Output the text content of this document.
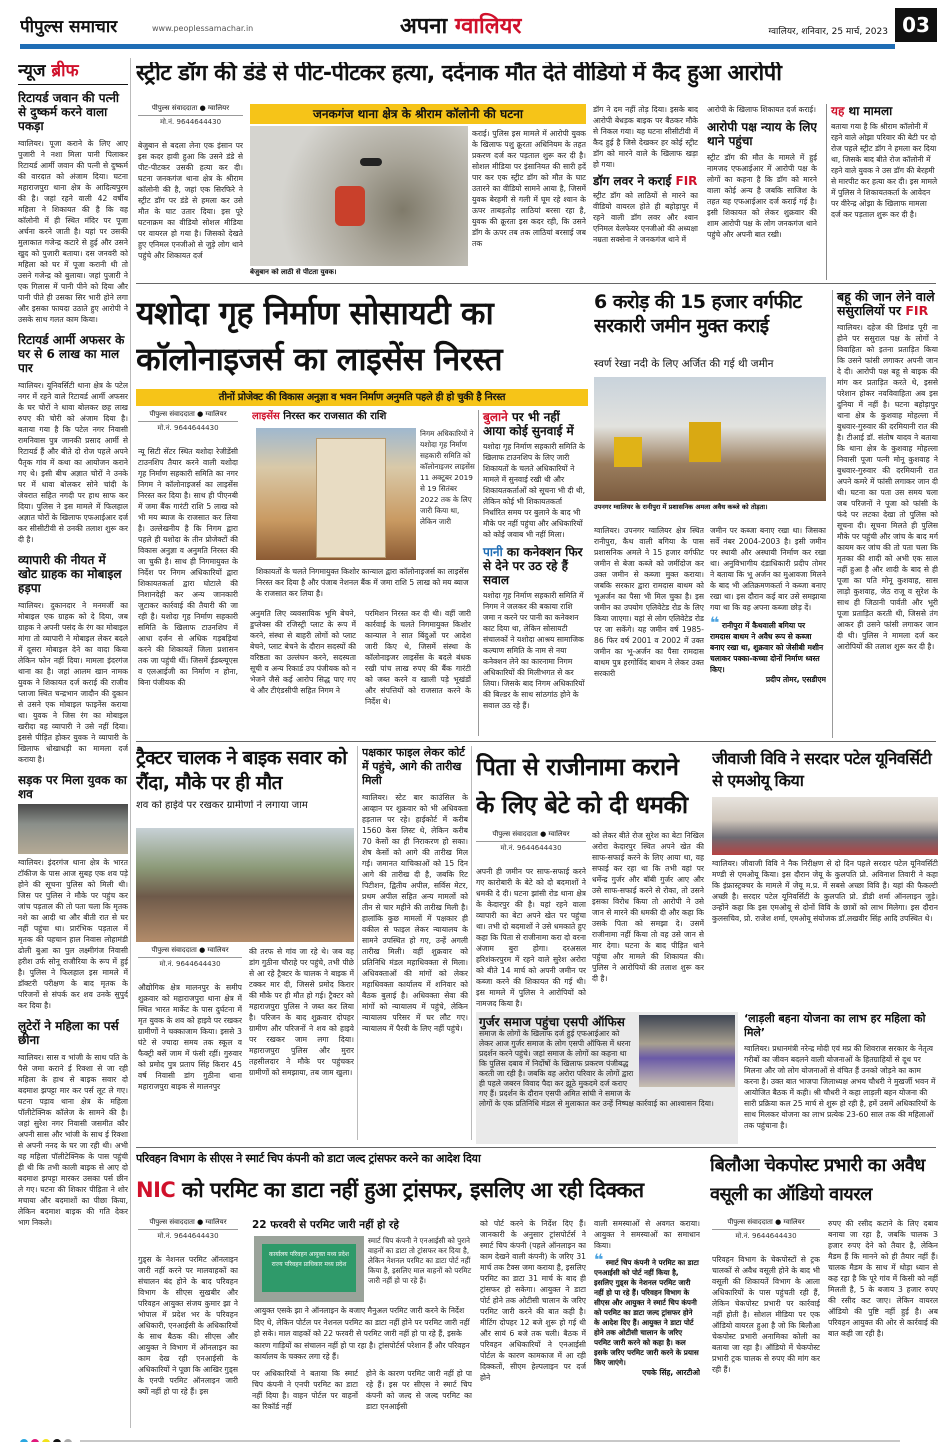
पीपुल्स समाचार	www.peoplessamachar.in	अपना ग्वालियर	ग्वालियर, शनिवार, 25 मार्च, 2023 03
न्यूज ब्रीफ
रिटायर्ड जवान की पत्नी से दुष्कर्म करने वाला पकड़ा
ग्वालियर। पूजा कराने के लिए आए पुजारी ने नशा मिला पानी पिलाकर रिटायर्ड आर्मी जवान की पत्नी से दुष्कर्म की वारदात को अंजाम दिया। घटना महाराजपुरा थाना क्षेत्र के आदित्यपुरम की है। जहां रहने वाली 42 वर्षीय महिला ने शिकायत की है कि वह कॉलोनी में ही स्थित मंदिर पर पूजा अर्चना करने जाती है। यहां पर उसकी मुलाकात गजेन्द्र कटारे से हुई और उसने खुद को पुजारी बताया। दस जनवरी को महिला को घर में पूजा करानी थी तो उसने गजेन्द्र को बुलाया। जहां पुजारी ने एक गिलास में पानी पीने को दिया और पानी पीते ही उसका सिर भारी होने लगा और इसका फायदा उठाते हुए आरोपी ने उसके साथ गलत काम किया।
रिटायर्ड आर्मी अफसर के घर से 6 लाख का माल पार
ग्वालियर। यूनिवर्सिटी थाना क्षेत्र के पटेल नगर में रहने वाले रिटायर्ड आर्मी अफसर के घर चोरों ने धावा बोलकर छह लाख रुपए की चोरी को अंजाम दिया है। बताया गया है कि पटेल नगर निवासी रामनिवास पुत्र जानकी प्रसाद आर्मी से रिटायर्ड हैं और बीते दो रोज पहले अपने पैतृक गांव में कथा का आयोजन कराने गए थे। इसी बीच अज्ञात चोरों ने उनके घर में धावा बोलकर सोने चांदी के जेवरात सहित नगदी पर हाथ साफ कर दिया। पुलिस ने इस मामले में फिलहाल अज्ञात चोरों के खिलाफ एफआईआर दर्ज कर सीसीटीवी से उनकी तलाश शुरू कर दी है।
व्यापारी की नीयत में खोट ग्राहक का मोबाइल हड़पा
ग्वालियर। दुकानदार ने मनमर्जी का मोबाइल एक ग्राहक को दे दिया, जब ग्राहक ने अपनी पसंद के रंग का मोबाइल मांगा तो व्यापारी ने मोबाइल लेकर बदले में दूसरा मोबाइल देने का वादा किया लेकिन फोन नहीं दिया। मामला इंदरगंज थाना का है। जहां आलम खान नामक युवक ने शिकायत दर्ज कराई की राजीव प्लाजा स्थित चन्द्रभान जादौन की दुकान से उसने एक मोबाइल फाइनेंस कराया था। युवक ने जिस रंग का मोबाइल खरीदा वह व्यापारी ने उसे नहीं दिया। इससे पीड़ित होकर युवक ने व्यापारी के खिलाफ धोखाधड़ी का मामला दर्ज कराया है।
सड़क पर मिला युवक का शव
ग्वालियर। इंदरगंज थाना क्षेत्र के भारत टॉकीज के पास आज सुबह एक शव पड़े होने की सूचना पुलिस को मिली थी। जिस पर पुलिस ने मौके पर पहुंच कर जांच पड़ताल की तो पता चला कि मृतक नशे का आदी था और बीती रात से घर नहीं पहुंचा था। प्रारंभिक पड़ताल में मृतक की पहचान हाल निवास लोहामंडी ढोली बुआ का पुल लक्ष्मीगंज निवासी हरीश उर्फ सोनू राजौरिया के रूप में हुई है। पुलिस ने फिलहाल इस मामले में डॉक्टरी परीक्षण के बाद मृतक के परिजनों से संपर्क कर शव उनके सुपुर्द कर दिया है।
लुटेरों ने महिला का पर्स छीना
ग्वालियर। सास व भांजी के साथ पति के पैसे जमा कराने ई रिक्शा से जा रही महिला के हाथ से बाइक सवार दो बदमाश झपट्टा मार कर पर्स लूट ले गए। घटना पड़ाव थाना क्षेत्र के महिला पॉलीटेक्निक कॉलेज के सामने की है। जहां सुरेश नगर निवासी जसमीत कौर अपनी सास और भांजी के साथ ई रिक्शा से अपनी ननद के घर जा रही थी। अभी वह महिला पॉलीटेक्निक के पास पहुंची ही थी कि तभी काली बाइक से आए दो बदमाश झपट्टा मारकर उसका पर्स छीन ले गए। घटना की शिकार पीड़िता ने शोर मचाया और बदमाशों का पीछा किया, लेकिन बदमाश बाइक की गति देकर भाग निकले।
स्ट्रीट डॉग की डंडे से पीट-पीटकर हत्या, दर्दनाक मौत देते वीडियो में कैद हुआ आरोपी
पीपुल्स संवाददाता ● ग्वालियर
मो.नं. 9644644430
बेजुबान से बदला लेना एक इंसान पर इस कदर हावी हुआ कि उसने डंडे से पीट-पीटकर उसकी हत्या कर दी। घटना जनकगंज थाना क्षेत्र के श्रीराम कॉलोनी की है, जहां एक सिरफिरे ने स्ट्रीट डॉग पर डंडे से हमला कर उसे मौत के घाट उतार दिया। इस पूरे घटनाक्रम का वीडियो सोशल मीडिया पर वायरल हो गया है। जिसको देखते हुए एनिमल एनजीओ से जुड़े लोग थाने पहुंचे और शिकायत दर्ज
जनकगंज थाना क्षेत्र के श्रीराम कॉलोनी की घटना
बेजुबान को लाठी से पीटता युवक।
कराई। पुलिस इस मामले में आरोपी युवक के खिलाफ पशु क्रूरता अधिनियम के तहत प्रकरण दर्ज कर पड़ताल शुरू कर दी है। सोशल मीडिया पर इंसानियत की सारी हदें पार कर एक स्ट्रीट डॉग को मौत के घाट उतारने का वीडियो सामने आया है, जिसमें युवक बेरहमी से गली में घूम रहे श्वान के ऊपर ताबड़तोड़ लाठियां बरसा रहा है, युवक की क्रूरता इस कदर रही, कि उसने डॉग के ऊपर तब तक लाठियां बरसाई जब तक
डॉग ने दम नहीं तोड़ दिया। इसके बाद आरोपी बेधड़क बाइक पर बैठकर मौके से निकल गया। यह घटना सीसीटीवी में कैद हुई है जिसे देखकर हर कोई स्ट्रीट डॉग को मारने वाले के खिलाफ खड़ा हो गया।
डॉग लवर ने कराई FIR
स्ट्रीट डॉग को लाठियों से मारने का वीडियो वायरल होते ही बहोड़ापुर में रहने वाली डॉग लवर और श्वान एनिमल वेलफेयर एनजीओ की अध्यक्षा नम्रता सक्सेना ने जनकगंज थाने में
आरोपी के खिलाफ शिकायत दर्ज कराई।
आरोपी पक्ष न्याय के लिए थाने पहुंचा
स्ट्रीट डॉग की मौत के मामले में हुई नामजद एफआईआर में आरोपी पक्ष के लोगों का कहना है कि डॉग को मारने वाला कोई अन्य है जबकि साजिश के तहत यह एफआईआर दर्ज कराई गई है। इसी शिकायत को लेकर शुक्रवार की शाम आरोपी पक्ष के लोग जनकगंज थाने पहुंचे और अपनी बात रखी।
यह था मामला
बताया गया है कि श्रीराम कॉलोनी में रहने वाले ओझा परिवार की बेटी पर दो रोज पहले स्ट्रीट डॉग ने हमला कर दिया था, जिसके बाद बीते रोज कॉलोनी में रहने वाले युवक ने उस डॉग की बेरहमी से मारपीट कर हत्या कर दी। इस मामले में पुलिस ने शिकायतकर्ता के आवेदन पर वीरेन्द्र ओझा के खिलाफ मामला दर्ज कर पड़ताल शुरू कर दी है।
यशोदा गृह निर्माण सोसायटी का
कॉलोनाइजर्स का लाइसेंस निरस्त
तीनों प्रोजेक्ट की विकास अनुज्ञा व भवन निर्माण अनुमति पहले ही हो चुकी है निरस्त
पीपुल्स संवाददाता ● ग्वालियर
मो.नं. 9644644430
न्यू सिटी सेंटर स्थित यशोदा रेजीडेंसी टाउनशिप तैयार करने वाली यशोदा गृह निर्माण सहकारी समिति का नगर निगम ने कॉलोनाइजर्स का लाइसेंस निरस्त कर दिया है। साथ ही पीएनबी में जमा बैंक गारंटी राशि 5 लाख को भी मय ब्याज के राजसात कर लिया है। उल्लेखनीय है कि निगम द्वारा पहले ही यशोदा के तीन प्रोजेक्टों की विकास अनुज्ञा व अनुमति निरस्त की जा चुकी है। साथ ही निगमायुक्त के निर्देश पर निगम अधिकारियों द्वारा शिकायतकर्ता द्वारा घोटाले की निशानदेही कर अन्य जानकारी जुटाकर कार्रवाई की तैयारी की जा रही है। यशोदा गृह निर्माण सहकारी समिति के खिलाफ टाउनशिप में आधा दर्जन से अधिक गड़बड़ियां करने की शिकायतें जिला प्रशासन तक जा पहुंची थीं। जिसमें ईडब्ल्यूएस व एलआईजी का निर्माण न होना, बिना पंजीयक की
लाइसेंस निरस्त कर राजसात की राशि
निगम अधिकारियों ने यशोदा गृह निर्माण सहकारी समिति को कॉलोनाइजर लाइसेंस 11 अक्टूबर 2019 से 19 सितंबर 2022 तक के लिए जारी किया था, लेकिन जारी
शिकायतों के चलते निगमायुक्त किशोर कान्याल द्वारा कॉलोनाइजर्स का लाइसेंस निरस्त कर दिया है और पंजाब नेशनल बैंक में जमा राशि 5 लाख को मय ब्याज के राजसात कर लिया है।
अनुमति लिए व्यवसायिक भूमि बेचने, डुप्लेक्स की रजिस्ट्री प्लाट के रूप में करने, संस्था से बाहरी लोगों को प्लाट बेचने, प्लाट बेचने के दौरान सदस्यों की वरिष्ठता का उल्लंघन करने, सदस्यता सूची व अन्य रिकार्ड उप पंजीयक को न भेजने जैसे कई आरोप सिद्ध पाए गए थे और टीएंडसीपी सहित निगम ने
परमिशन निरस्त कर दी थी। वहीं जारी कार्रवाई के चलते निगमायुक्त किशोर कान्याल ने सात बिंदुओं पर आदेश जारी किए थे, जिसमें संस्था के कॉलोनाइजर लाइसेंस के बदले बंधक रखी पांच लाख रुपए की बैंक गारंटी को जब्त करने व खाली पड़े भूखंडों और संपत्तियों को राजसात करने के निर्देश थे।
बुलाने पर भी नहीं आया कोई सुनवाई में
यशोदा गृह निर्माण सहकारी समिति के खिलाफ टाउनशिप के लिए जारी शिकायतों के चलते अधिकारियों ने मामले में सुनवाई रखी थी और शिकायतकर्ताओं को सूचना भी दी थी, लेकिन कोई भी शिकायतकर्ता निर्धारित समय पर बुलाने के बाद भी मौके पर नहीं पहुंचा और अधिकारियों को कोई जवाब भी नहीं मिला।
पानी का कनेक्शन फिर से देने पर उठ रहे हैं सवाल
यशोदा गृह निर्माण सहकारी समिति में निगम ने जलकर की बकाया राशि जमा न करने पर पानी का कनेक्शन काट दिया था, लेकिन सोसायटी संचालकों ने यशोदा आश्रय सामाजिक कल्याण समिति के नाम से नया कनेक्शन लेने का कारनामा निगम अधिकारियों की मिलीभगत से कर लिया। जिसके बाद निगम अधिकारियों की बिल्डर के साथ सांठगांठ होने के सवाल उठ रहे हैं।
6 करोड़ की 15 हजार वर्गफीट सरकारी जमीन मुक्त कराई
स्वर्ण रेखा नदी के लिए अर्जित की गई थी जमीन
उपनगर ग्वालियर के रानीपुरा में प्रशासनिक अमला अवैध कब्जे को तोड़ता।
ग्वालियर। उपनगर ग्वालियर क्षेत्र स्थित रानीपुरा, कैथ वाली बगिया के पास प्रशासनिक अमले ने 15 हजार वर्गफीट जमीन से बेजा कब्जे को जमींदोज कर उक्त जमीन से कब्जा मुक्त कराया। जबकि सरकार द्वारा रामदास बाथम को भूअर्जन का पैसा भी मिल चुका है। इस जमीन का उपयोग एलिवेटेड रोड के लिए किया जाएगा। यहां से लोग एलिवेटेड रोड पर जा सकेंगे। यह जमीन वर्ष 1985-86 फिर वर्ष 2001 व 2002 में उक्त जमीन का भू-अर्जन का पैसा रामदास बाथम पुत्र हरगोविंद बाथम ने लेकर उक्त सरकारी
जमीन पर कब्जा बनाए रखा था। जिसका सर्वे नंबर 2004-2003 है। इसी जमीन पर स्थायी और अस्थायी निर्माण कर रखा था। अनुविभागीय दंडाधिकारी प्रदीप तोमर ने बताया कि भू अर्जन का मुआवजा मिलने के बाद भी अतिक्रमणकर्ता ने कब्जा बनाए रखा था। इस दौरान कई बार उसे समझाया गया था कि वह अपना कब्जा छोड़ दें।
❝ रानीपुरा में कैथवाली बगिया पर रामदास बाथम ने अवैध रूप से कब्जा बनाए रखा था, शुक्रवार को जेसीबी मशीन चलाकर पक्का-कच्चा दोनों निर्माण ध्वस्त किए।
प्रदीप तोमर, एसडीएम
बहू की जान लेने वाले ससुरालियों पर FIR
ग्वालियर। दहेज की डिमांड पूरी ना होने पर ससुराल पक्ष के लोगों ने विवाहिता को इतना प्रताड़ित किया कि उसने फांसी लगाकर अपनी जान दे दी। आरोपी पक्ष बहू से बाइक की मांग कर प्रताड़ित करते थे, इससे परेशान होकर नवविवाहिता अब इस दुनिया में नहीं है। घटना बहोड़ापुर थाना क्षेत्र के कुशवाह मोहल्ला में बुधवार-गुरुवार की दरमियानी रात की है। टीआई डॉ. संतोष यादव ने बताया कि थाना क्षेत्र के कुशवाह मोहल्ला निवासी पूजा पत्नी मोनू कुशवाह ने बुधवार-गुरुवार की दरमियानी रात अपने कमरे में फांसी लगाकर जान दी थी। घटना का पता उस समय चला जब परिजनों ने पूजा को फांसी के फंदे पर लटका देखा तो पुलिस को सूचना दी। सूचना मिलते ही पुलिस मौके पर पहुंची और जांच के बाद मर्ग कायम कर जांच की तो पता चला कि मृतका की शादी को अभी एक साल नहीं हुआ है और शादी के बाद से ही पूजा का पति मोनू कुशवाह, सास लाड़ो कुशवाह, जेठ राजू व सुरेश के साथ ही जिठानी पार्वती और भूरी पूजा प्रताड़ित करती थी, जिससे तंग आकर ही उसने फांसी लगाकर जान दी थी। पुलिस ने मामला दर्ज कर आरोपियों की तलाश शुरू कर दी है।
ट्रैक्टर चालक ने बाइक सवार को रौंदा, मौके पर ही मौत
शव को हाईवे पर रखकर ग्रामीणों ने लगाया जाम
पीपुल्स संवाददाता ● ग्वालियर
मो.नं. 9644644430
औद्योगिक क्षेत्र मालनपुर के समीप शुक्रवार को महाराजपुरा थाना क्षेत्र में स्थित भारत मार्केट के पास दुर्घटना में मृत युवक के शव को हाइवे पर रखकर ग्रामीणों ने चक्काजाम किया। इससे 3 घंटे से ज्यादा समय तक स्कूल व फैक्ट्री बसें जाम में फंसी रहीं। गुरुवार को प्रमोद पुत्र प्रताप सिंह किरार 45 वर्ष निवासी डांग गुठीना थाना महाराजपुरा बाइक से मालनपुर
की तरफ से गांव जा रहे थे। जब वह डांग गुठीना चौराहे पर पहुंचे, तभी पीछे से आ रहे ट्रैक्टर के चालक ने बाइक में टक्कर मार दी, जिससे प्रमोद किरार की मौके पर ही मौत हो गई। ट्रैक्टर को महाराजपुरा पुलिस ने जब्त कर लिया है। परिजन के बाद शुक्रवार दोपहर ग्रामीण और परिजनों ने शव को हाइवे पर रखकर जाम लगा दिया। महाराजपुरा पुलिस और मुरार तहसीलदार ने मौके पर पहुंचकर ग्रामीणों को समझाया, तब जाम खुला।
पक्षकार फाइल लेकर कोर्ट में पहुंचे, आगे की तारीख मिली
ग्वालियर। स्टेट बार काउंसिल के आव्हान पर शुक्रवार को भी अधिवक्ता हड़ताल पर रहे। हाईकोर्ट में करीब 1560 केस लिस्ट थे, लेकिन करीब 70 केसों का ही निराकरण हो सका। शेष केसों को आगे की तारीख मिल गई। जमानत याचिकाओं को 15 दिन आगे की तारीख दी है, जबकि रिट पिटीशन, द्वितीय अपील, सर्विस मेटर, प्रथम अपील सहित अन्य मामलों को तीन से चार महीने की तारीख मिली है। हालांकि कुछ मामलों में पक्षकार ही वकील से फाइल लेकर न्यायालय के सामने उपस्थित हो गए, उन्हें अगली तारीख मिली। वहीं शुक्रवार को प्रतिनिधि मंडल महाधिवक्ता से मिला। अधिवक्ताओं की मांगों को लेकर महाधिवक्ता कार्यालय में शनिवार को बैठक बुलाई है। अधिवक्ता सेवा की मांगों को न्यायालय में पहुंचे, लेकिन न्यायालय परिसर में घर लौट गए। न्यायालय में पैरवी के लिए नहीं पहुंचे।
पिता से राजीनामा कराने के लिए बेटे को दी धमकी
पीपुल्स संवाददाता ● ग्वालियर
मो.नं. 9644644430
अपनी ही जमीन पर साफ-सफाई करने गए कारोबारी के बेटे को दो बदमाशों ने धमकी दे दी। घटना झांसी रोड थाना क्षेत्र के केदारपुर की है। यहां रहने वाला व्यापारी का बेटा अपने खेत पर पहुंचा था। तभी दो बदमाशों ने उसे धमकाते हुए कहा कि पिता से राजीनामा करा दो वरना अंजाम बुरा होगा। दरअसल हरिशंकरपुरम में रहने वाले सुरेश अरोरा को बीते 14 मार्च को अपनी जमीन पर कब्जा करने की शिकायत की गई थी। इस मामले में पुलिस ने आरोपियों को नामजद किया है।
को लेकर बीते रोज सुरेश का बेटा निखिल अरोरा केदारपुर स्थित अपने खेत की साफ-सफाई करने के लिए आया था, वह सफाई कर रहा था कि तभी वहां पर धर्मेन्द्र गुर्जर और बॉबी गुर्जर आए और उसे साफ-सफाई करने से रोका, तो उसने इसका विरोध किया तो आरोपी ने उसे जान से मारने की धमकी दी और कहा कि उसके पिता को समझा दे। उसमें राजीनामा नहीं किया तो वह उसे जान से मार देगा। घटना के बाद पीड़ित थाने पहुंचा और मामले की शिकायत की। पुलिस ने आरोपियों की तलाश शुरू कर दी है।
जीवाजी विवि ने सरदार पटेल यूनिवर्सिटी से एमओयू किया
ग्वालियर। जीवाजी विवि ने नैक निरीक्षण से दो दिन पहले सरदार पटेल यूनिवर्सिटी मण्डी से एमओयू किया। इस दौरान जेयू के कुलपति प्रो. अविनाश तिवारी ने कहा कि इंफ्रास्ट्रक्चर के मामले में जेयू म.प्र. में सबसे अच्छा विवि है। यहां की फैकल्टी अच्छी है। सरदार पटेल यूनिवर्सिटी के कुलपति प्रो. डीडी शर्मा ऑनलाइन जुड़े। उन्होंने कहा कि इस एमओयू से दोनों विवि के छात्रों को लाभ मिलेगा। इस दौरान कुलसचिव, प्रो. राजेश शर्मा, एमओयू संयोजक डॉ.लखवीर सिंह आदि उपस्थित थे।
गुर्जर समाज पहुंचा एसपी ऑफिस
समाज के लोगों के खिलाफ दर्ज हुई एफआईआर को लेकर आज गुर्जर समाज के लोग एसपी ऑफिस में धरना प्रदर्शन करने पहुंचे। जहां समाज के लोगों का कहना था कि पुलिस दबाव में निर्दोषों के खिलाफ प्रकरण पंजीबद्ध करती जा रही है। जबकि वह अरोरा परिवार के लोगों द्वारा ही पहले जबरन विवाद पैदा कर झूठे मुकदमे दर्ज कराए गए हैं। प्रदर्शन के दौरान एसपी अमित सांघी ने समाज के लोगों के एक प्रतिनिधि मंडल से मुलाकात कर उन्हें निष्पक्ष कार्रवाई का आश्वासन दिया।
‘लाड़ली बहना योजना का लाभ हर महिला को मिले’
ग्वालियर। प्रधानमंत्री नरेन्द्र मोदी एवं मप्र की शिवराज सरकार के नेतृत्व गरीबों का जीवन बदलने वाली योजनाओं के हितग्राहियों से दूथ पर मिलना और जो लोग योजनाओं से वंचित हैं उनको जोड़ने का काम करना है। उक्त बात भाजपा जिलाध्यक्ष अभय चौधरी ने मुखर्जी भवन में आयोजित बैठक में कही। श्री चौधरी ने कहा लाड़ली बहन योजना की सारी प्रक्रिया कल 25 मार्च से शुरू हो रही है, हमें उसमें अधिकारियों के साथ मिलकर योजना का लाभ प्रत्येक 23-60 साल तक की महिलाओं तक पहुंचाना है।
परिवहन विभाग के सीएस ने स्मार्ट चिप कंपनी को डाटा जल्द ट्रांसफर करने का आदेश दिया
NIC को परमिट का डाटा नहीं हुआ ट्रांसफर, इसलिए आ रही दिक्कत
पीपुल्स संवाददाता ● ग्वालियर
मो.नं. 9644644430
गुड्स के नेशनल परमिट ऑनलाइन जारी नहीं करने पर मालवाहकों का संचालन बंद होने के बाद परिवहन विभाग के सीएस सुखबीर और परिवहन आयुक्त संजय कुमार झा ने भोपाल में प्रदेश भर के परिवहन अधिकारी, एनआईसी के अधिकारियों के साथ बैठक की। सीएस और आयुक्त ने विभाग में ऑनलाइन का काम देख रही एनआईसी के अधिकारियों ने पूछा कि आखिर गुड्स के एनपी परमिट ऑनलाइन जारी क्यों नहीं हो पा रहे हैं। इस
22 फरवरी से परमिट जारी नहीं हो रहे
कार्यालय परिवहन आयुक्त मध्य प्रदेश
राज्य परिवहन प्राधिकार मध्य प्रदेश
स्मार्ट चिप कंपनी ने एनआईसी को पुराने वाहनों का डाटा तो ट्रांसफर कर दिया है, लेकिन नेशनल परमिट का डाटा पोर्ट नहीं किया है, इसलिए माल वाहनों को परमिट जारी नहीं हो पा रहे हैं।
आयुक्त एसके झा ने ऑनलाइन के बजाए मैनुअल परमिट जारी करने के निर्देश दिए थे, लेकिन पोर्टल पर नेशनल परमिट का डाटा नहीं होने पर परमिट जारी नहीं हो सके। माल वाहकों को 22 फरवरी से परमिट जारी नहीं हो पा रहे हैं, इसके कारण गाड़ियों का संचालन नहीं हो पा रहा है। ट्रांसपोर्टर्स परेशान हैं और परिवहन कार्यालय के चक्कर लगा रहे हैं।
पर अधिकारियों ने बताया कि स्मार्ट चिप कंपनी ने एनपी परमिट का डाटा नहीं दिया है। वाहन पोर्टल पर वाहनों का रिकॉर्ड नहीं
होने के कारण परमिट जारी नहीं हो पा रहे हैं। इस पर सीएस ने स्मार्ट चिप कंपनी को जल्द से जल्द परमिट का डाटा एनआईसी
को पोर्ट करने के निर्देश दिए हैं। जानकारी के अनुसार ट्रांसपोर्टर्स ने स्मार्ट चिप कंपनी (पहले ऑनलाइन का काम देखने वाली कंपनी) के जरिए 31 मार्च तक टैक्स जमा कराया है, इसलिए परमिट का डाटा 31 मार्च के बाद ही ट्रांसफर हो सकेगा। आयुक्त ने डाटा पोर्ट होने तक ओटीसी चालान के जरिए परमिट जारी करने की बात कही है। मीटिंग दोपहर 12 बजे शुरू हो गई थी और सायं 6 बजे तक चली। बैठक में परिवहन अधिकारियों ने एनआईसी पोर्टल के कारण कामकाज में आ रही दिक्कतों, सीएम हेल्पलाइन पर दर्ज होने
वाली समस्याओं से अवगत कराया। आयुक्त ने समस्याओं का समाधान किया।
❝ स्मार्ट चिप कंपनी ने परमिट का डाटा एनआईसी को पोर्ट नहीं किया है, इसलिए गुड्स के नेशनल परमिट जारी नहीं हो पा रहे हैं। परिवहन विभाग के सीएस और आयुक्त ने स्मार्ट चिप कंपनी को परमिट का डाटा जल्द ट्रांसफर होने के आदेश दिए हैं। आयुक्त ने डाटा पोर्ट होने तक ओटीसी चालान के जरिए परमिट जारी करने को कहा है। कल इसके जरिए परमिट जारी करने के प्रयास किए जाएंगे।
एचके सिंह, आरटीओ
बिलौआ चेकपोस्ट प्रभारी का अवैध वसूली का ऑडियो वायरल
पीपुल्स संवाददाता ● ग्वालियर
मो.नं. 9644644430
परिवहन विभाग के चेकपोस्टों से ट्रक चालकों से अवैध वसूली होने के बाद भी वसूली की शिकायतें विभाग के आला अधिकारियों के पास पहुंचती रही हैं, लेकिन चेकपोस्ट प्रभारी पर कार्रवाई नहीं होती है। सोशल मीडिया पर एक ऑडियो वायरल हुआ है जो कि बिलौआ चेकपोस्ट प्रभारी अनामिका कोली का बताया जा रहा है। ऑडियो में चेकपोस्ट प्रभारी ट्रक चालक से रुपए की मांग कर रही हैं।
रुपए की रसीद कटाने के लिए दबाव बनाया जा रहा है, जबकि चालक 3 हजार रुपए देने को तैयार है, लेकिन मैडम हैं कि मानने को ही तैयार नहीं हैं। चालक मैडम के साथ में थोड़ा ध्यान से कह रहा है कि पूरे गांव में किसी को नहीं मिलती है, 5 के बजाय 3 हजार रुपए की रसीद कट जाए। लेकिन वायरल ऑडियो की पुष्टि नहीं हुई है। अब परिवहन आयुक्त की ओर से कार्रवाई की बात कही जा रही है।
